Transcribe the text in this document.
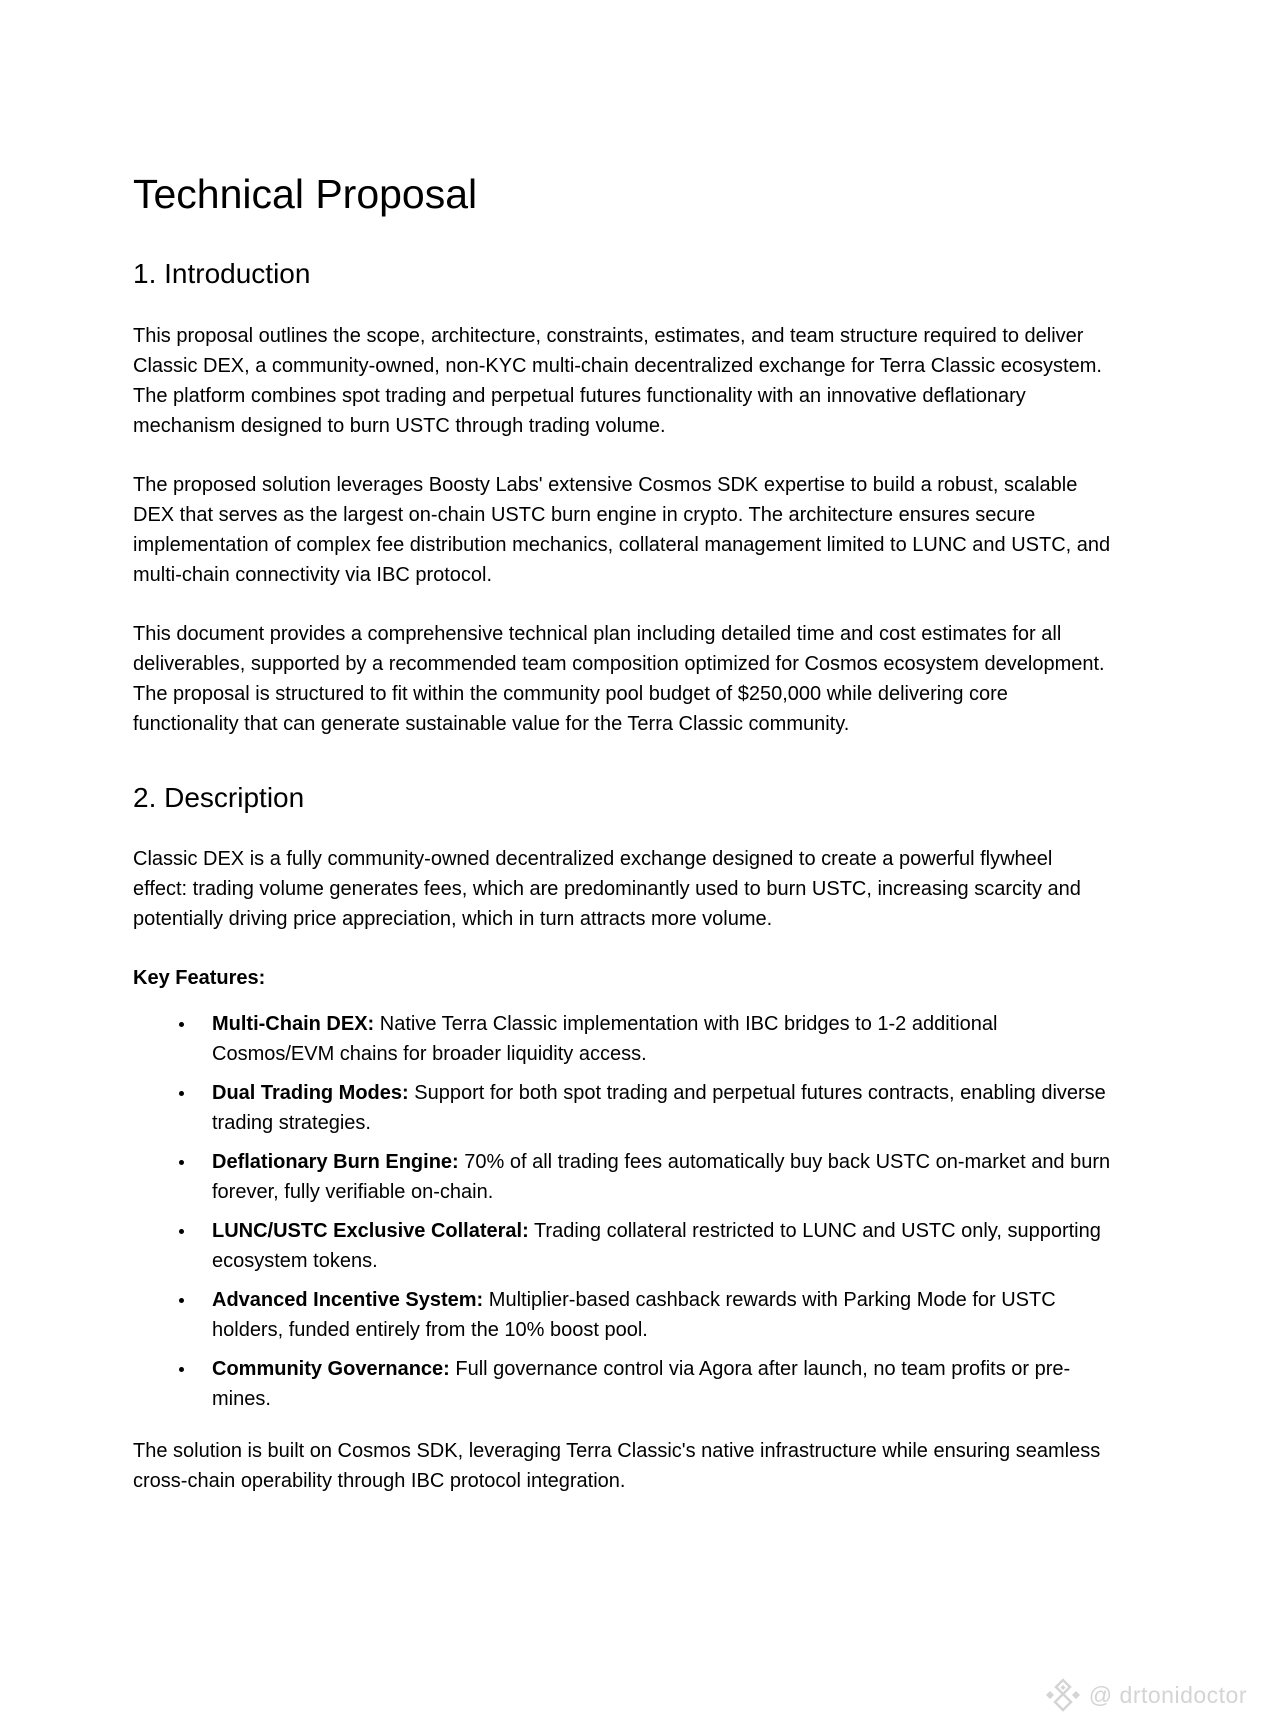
Technical Proposal
1. Introduction

This proposal outlines the scope, architecture, constraints, estimates, and team structure required to deliver Classic DEX, a community-owned, non-KYC multi-chain decentralized exchange for Terra Classic ecosystem. The platform combines spot trading and perpetual futures functionality with an innovative deflationary mechanism designed to burn USTC through trading volume.

The proposed solution leverages Boosty Labs' extensive Cosmos SDK expertise to build a robust, scalable DEX that serves as the largest on-chain USTC burn engine in crypto. The architecture ensures secure implementation of complex fee distribution mechanics, collateral management limited to LUNC and USTC, and multi-chain connectivity via IBC protocol.

This document provides a comprehensive technical plan including detailed time and cost estimates for all deliverables, supported by a recommended team composition optimized for Cosmos ecosystem development. The proposal is structured to fit within the community pool budget of $250,000 while delivering core functionality that can generate sustainable value for the Terra Classic community.

2. Description

Classic DEX is a fully community-owned decentralized exchange designed to create a powerful flywheel effect: trading volume generates fees, which are predominantly used to burn USTC, increasing scarcity and potentially driving price appreciation, which in turn attracts more volume.

Key Features:

• Multi-Chain DEX: Native Terra Classic implementation with IBC bridges to 1-2 additional Cosmos/EVM chains for broader liquidity access.
• Dual Trading Modes: Support for both spot trading and perpetual futures contracts, enabling diverse trading strategies.
• Deflationary Burn Engine: 70% of all trading fees automatically buy back USTC on-market and burn forever, fully verifiable on-chain.
• LUNC/USTC Exclusive Collateral: Trading collateral restricted to LUNC and USTC only, supporting ecosystem tokens.
• Advanced Incentive System: Multiplier-based cashback rewards with Parking Mode for USTC holders, funded entirely from the 10% boost pool.
• Community Governance: Full governance control via Agora after launch, no team profits or pre-mines.

The solution is built on Cosmos SDK, leveraging Terra Classic's native infrastructure while ensuring seamless cross-chain operability through IBC protocol integration.

@ drtonidoctor
